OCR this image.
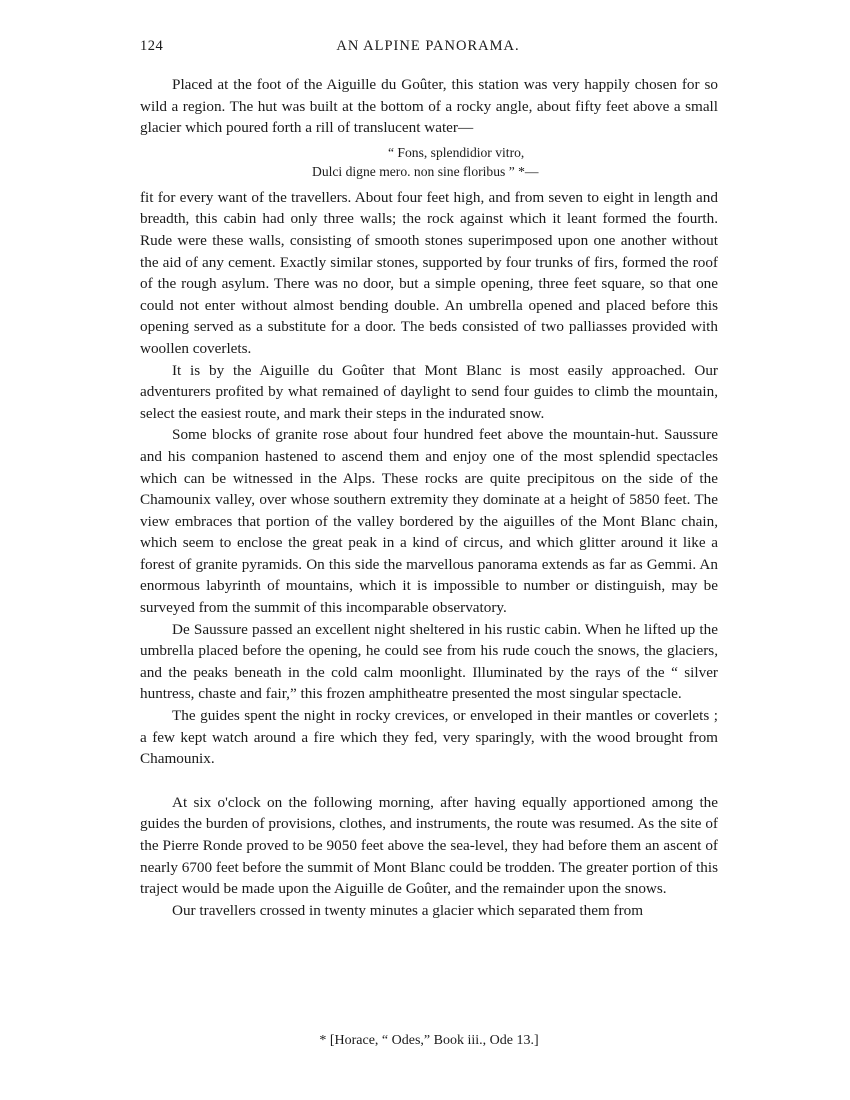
124	AN ALPINE PANORAMA.

Placed at the foot of the Aiguille du Goûter, this station was very happily chosen for so wild a region. The hut was built at the bottom of a rocky angle, about fifty feet above a small glacier which poured forth a rill of translucent water—

“ Fons, splendidior vitro,
Dulci digne mero. non sine floribus ” *—

fit for every want of the travellers. About four feet high, and from seven to eight in length and breadth, this cabin had only three walls; the rock against which it leant formed the fourth. Rude were these walls, consisting of smooth stones superimposed upon one another without the aid of any cement. Exactly similar stones, supported by four trunks of firs, formed the roof of the rough asylum. There was no door, but a simple opening, three feet square, so that one could not enter without almost bending double. An umbrella opened and placed before this opening served as a substitute for a door. The beds consisted of two palliasses provided with woollen coverlets.

It is by the Aiguille du Goûter that Mont Blanc is most easily approached. Our adventurers profited by what remained of daylight to send four guides to climb the mountain, select the easiest route, and mark their steps in the indurated snow.

Some blocks of granite rose about four hundred feet above the mountain-hut. Saussure and his companion hastened to ascend them and enjoy one of the most splendid spectacles which can be witnessed in the Alps. These rocks are quite precipitous on the side of the Chamounix valley, over whose southern extremity they dominate at a height of 5850 feet. The view embraces that portion of the valley bordered by the aiguilles of the Mont Blanc chain, which seem to enclose the great peak in a kind of circus, and which glitter around it like a forest of granite pyramids. On this side the marvellous panorama extends as far as Gemmi. An enormous labyrinth of mountains, which it is impossible to number or distinguish, may be surveyed from the summit of this incomparable observatory.

De Saussure passed an excellent night sheltered in his rustic cabin. When he lifted up the umbrella placed before the opening, he could see from his rude couch the snows, the glaciers, and the peaks beneath in the cold calm moonlight. Illuminated by the rays of the “ silver huntress, chaste and fair,” this frozen amphitheatre presented the most singular spectacle.

The guides spent the night in rocky crevices, or enveloped in their mantles or coverlets ; a few kept watch around a fire which they fed, very sparingly, with the wood brought from Chamounix.

At six o'clock on the following morning, after having equally apportioned among the guides the burden of provisions, clothes, and instruments, the route was resumed. As the site of the Pierre Ronde proved to be 9050 feet above the sea-level, they had before them an ascent of nearly 6700 feet before the summit of Mont Blanc could be trodden. The greater portion of this traject would be made upon the Aiguille de Goûter, and the remainder upon the snows.

Our travellers crossed in twenty minutes a glacier which separated them from

* [Horace, “ Odes,” Book iii., Ode 13.]
